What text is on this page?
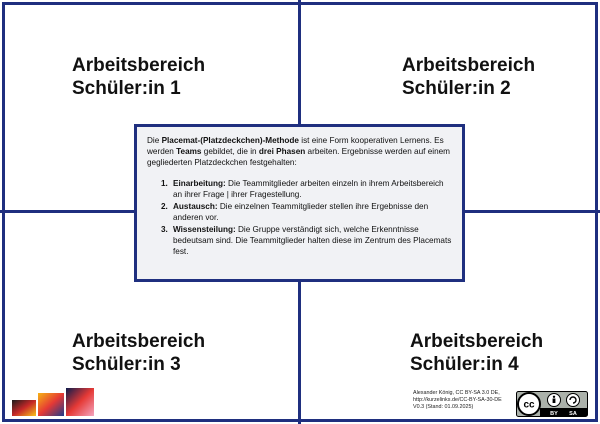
Arbeitsbereich
Schüler:in 1
Arbeitsbereich
Schüler:in 2
Arbeitsbereich
Schüler:in 3
Arbeitsbereich
Schüler:in 4

Die Placemat-(Platzdeckchen)-Methode ist eine Form kooperativen Lernens. Es werden Teams gebildet, die in drei Phasen arbeiten. Ergebnisse werden auf einem gegliederten Platzdeckchen festgehalten:

1. Einarbeitung: Die Teammitglieder arbeiten einzeln in ihrem Arbeitsbereich an ihrer Frage | ihrer Fragestellung.
2. Austausch: Die einzelnen Teammitglieder stellen ihre Ergebnisse den anderen vor.
3. Wissensteilung: Die Gruppe verständigt sich, welche Erkenntnisse bedeutsam sind. Die Teammitglieder halten diese im Zentrum des Placemats fest.
Alexander König, CC BY-SA 3.0 DE,
http://kurzelinks.de/CC-BY-SA-30-DE
V0.3 (Stand: 01.09.2025)	cc
BY SA
